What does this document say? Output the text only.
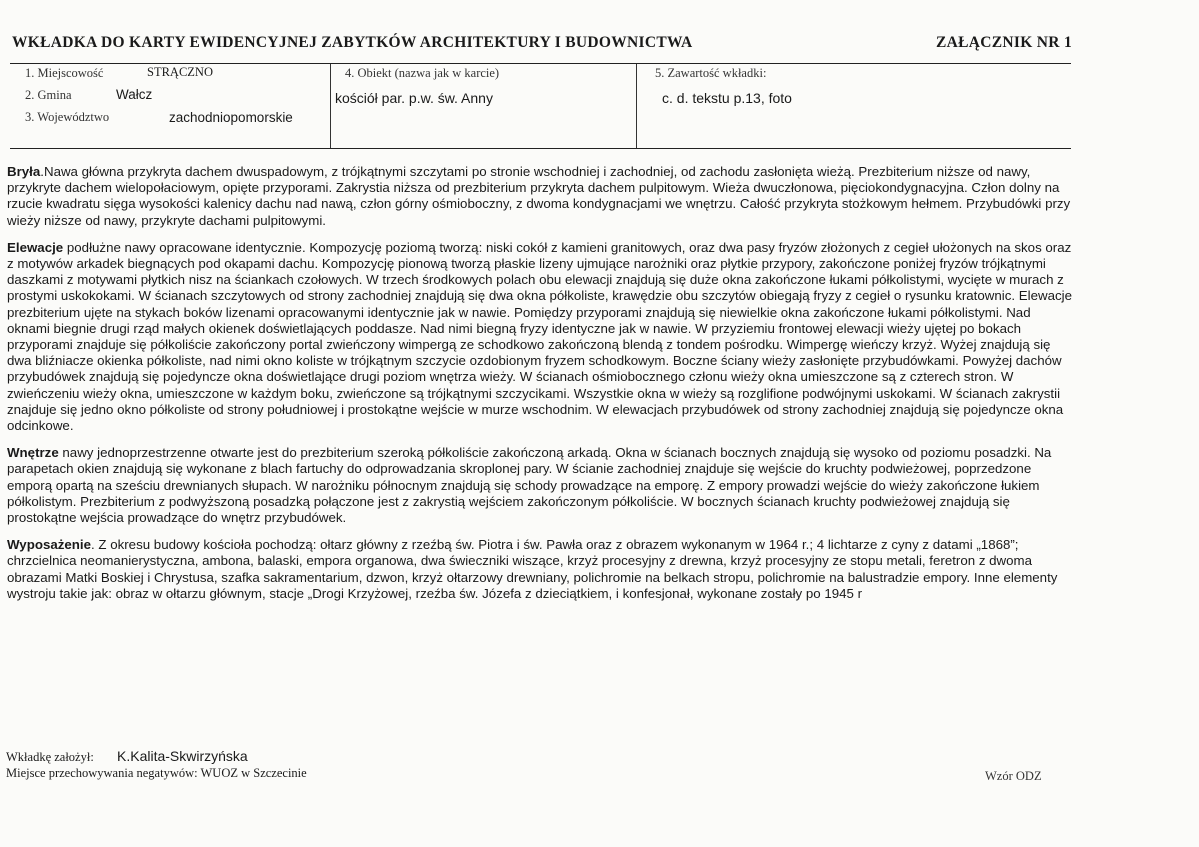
WKŁADKA DO KARTY EWIDENCYJNEJ ZABYTKÓW ARCHITEKTURY I BUDOWNICTWA	ZAŁĄCZNIK NR 1
1. Miejscowość	STRĄCZNO
2. Gmina	Wałcz
3. Województwo	zachodniopomorskie
4. Obiekt (nazwa jak w karcie)
kościół par. p.w. św. Anny
5. Zawartość wkładki:
c. d. tekstu p.13, foto

Bryła.Nawa główna przykryta dachem dwuspadowym, z trójkątnymi szczytami po stronie wschodniej i zachodniej, od zachodu zasłonięta wieżą. Prezbiterium niższe od nawy, przykryte dachem wielopołaciowym, opięte przyporami. Zakrystia niższa od prezbiterium przykryta dachem pulpitowym. Wieża dwuczłonowa, pięciokondygnacyjna. Człon dolny na rzucie kwadratu sięga wysokości kalenicy dachu nad nawą, człon górny ośmioboczny, z dwoma kondygnacjami we wnętrzu. Całość przykryta stożkowym hełmem. Przybudówki przy wieży niższe od nawy, przykryte dachami pulpitowymi.

Elewacje podłużne nawy opracowane identycznie. Kompozycję poziomą tworzą: niski cokół z kamieni granitowych, oraz dwa pasy fryzów złożonych z cegieł ułożonych na skos oraz z motywów arkadek biegnących pod okapami dachu. Kompozycję pionową tworzą płaskie lizeny ujmujące narożniki oraz płytkie przypory, zakończone poniżej fryzów trójkątnymi daszkami z motywami płytkich nisz na ściankach czołowych. W trzech środkowych polach obu elewacji znajdują się duże okna zakończone łukami półkolistymi, wycięte w murach z prostymi uskokokami. W ścianach szczytowych od strony zachodniej znajdują się dwa okna półkoliste, krawędzie obu szczytów obiegają fryzy z cegieł o rysunku kratownic. Elewacje prezbiterium ujęte na stykach boków lizenami opracowanymi identycznie jak w nawie. Pomiędzy przyporami znajdują się niewielkie okna zakończone łukami półkolistymi. Nad oknami biegnie drugi rząd małych okienek doświetlających poddasze. Nad nimi biegną fryzy identyczne jak w nawie. W przyziemiu frontowej elewacji wieży ujętej po bokach przyporami znajduje się półkoliście zakończony portal zwieńczony wimpergą ze schodkowo zakończoną blendą z tondem pośrodku. Wimpergę wieńczy krzyż. Wyżej znajdują się dwa bliźniacze okienka półkoliste, nad nimi okno koliste w trójkątnym szczycie ozdobionym fryzem schodkowym. Boczne ściany wieży zasłonięte przybudówkami. Powyżej dachów przybudówek znajdują się pojedyncze okna doświetlające drugi poziom wnętrza wieży. W ścianach ośmiobocznego członu wieży okna umieszczone są z czterech stron. W zwieńczeniu wieży okna, umieszczone w każdym boku, zwieńczone są trójkątnymi szczycikami. Wszystkie okna w wieży są rozglifione podwójnymi uskokami. W ścianach zakrystii znajduje się jedno okno półkoliste od strony południowej i prostokątne wejście w murze wschodnim. W elewacjach przybudówek od strony zachodniej znajdują się pojedyncze okna odcinkowe.

Wnętrze nawy jednoprzestrzenne otwarte jest do prezbiterium szeroką półkoliście zakończoną arkadą. Okna w ścianach bocznych znajdują się wysoko od poziomu posadzki. Na parapetach okien znajdują się wykonane z blach fartuchy do odprowadzania skroplonej pary. W ścianie zachodniej znajduje się wejście do kruchty podwieżowej, poprzedzone emporą opartą na sześciu drewnianych słupach. W narożniku północnym znajdują się schody prowadzące na emporę. Z empory prowadzi wejście do wieży zakończone łukiem półkolistym. Prezbiterium z podwyższoną posadzką połączone jest z zakrystią wejściem zakończonym półkoliście. W bocznych ścianach kruchty podwieżowej znajdują się prostokątne wejścia prowadzące do wnętrz przybudówek.

Wyposażenie. Z okresu budowy kościoła pochodzą: ołtarz główny z rzeźbą św. Piotra i św. Pawła oraz z obrazem wykonanym w 1964 r.; 4 lichtarze z cyny z datami „1868”; chrzcielnica neomanierystyczna, ambona, balaski, empora organowa, dwa świeczniki wiszące, krzyż procesyjny z drewna, krzyż procesyjny ze stopu metali, feretron z dwoma obrazami Matki Boskiej i Chrystusa, szafka sakramentarium, dzwon, krzyż ołtarzowy drewniany, polichromie na belkach stropu, polichromie na balustradzie empory. Inne elementy wystroju takie jak: obraz w ołtarzu głównym, stacje „Drogi Krzyżowej, rzeźba św. Józefa z dzieciątkiem, i konfesjonał, wykonane zostały po 1945 r

Wkładkę założył: K.Kalita-Skwirzyńska
Miejsce przechowywania negatywów: WUOZ w Szczecinie	Wzór ODZ
